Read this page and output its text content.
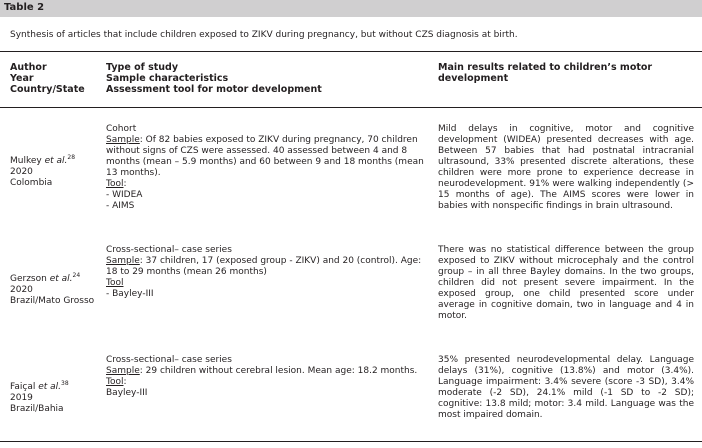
Table 2
Synthesis of articles that include children exposed to ZIKV during pregnancy, but without CZS diagnosis at birth.
Author
Year
Country/State
Type of study
Sample characteristics
Assessment tool for motor development
Main results related to children’s motor development
Mulkey et al.$^{28}$
2020
Colombia
Cohort
Sample: Of 82 babies exposed to ZIKV during pregnancy, 70 children without signs of CZS were assessed. 40 assessed between 4 and 8 months (mean – 5.9 months) and 60 between 9 and 18 months (mean 13 months).
Tool:
- WIDEA
- AIMS
Mild delays in cognitive, motor and cognitive development (WIDEA) presented decreases with age. Between 57 babies that had postnatal intracranial ultrasound, 33% presented discrete alterations, these children were more prone to experience decrease in neurodevelopment. 91% were walking independently (> 15 months of age). The AIMS scores were lower in babies with nonspecific findings in brain ultrasound.
Gerzson et al.$^{24}$
2020
Brazil/Mato Grosso
Cross-sectional– case series
Sample: 37 children, 17 (exposed group - ZIKV) and 20 (control). Age: 18 to 29 months (mean 26 months)
Tool
- Bayley-III
There was no statistical difference between the group exposed to ZIKV without microcephaly and the control group – in all three Bayley domains. In the two groups, children did not present severe impairment. In the exposed group, one child presented score under average in cognitive domain, two in language and 4 in motor.
Faiçal et al.$^{38}$
2019
Brazil/Bahia
Cross-sectional– case series
Sample: 29 children without cerebral lesion. Mean age: 18.2 months.
Tool:
Bayley-III
35% presented neurodevelopmental delay. Language delays (31%), cognitive (13.8%) and motor (3.4%). Language impairment: 3.4% severe (score -3 SD), 3.4% moderate (-2 SD), 24.1% mild (-1 SD to -2 SD); cognitive: 13.8 mild; motor: 3.4 mild. Language was the most impaired domain.
